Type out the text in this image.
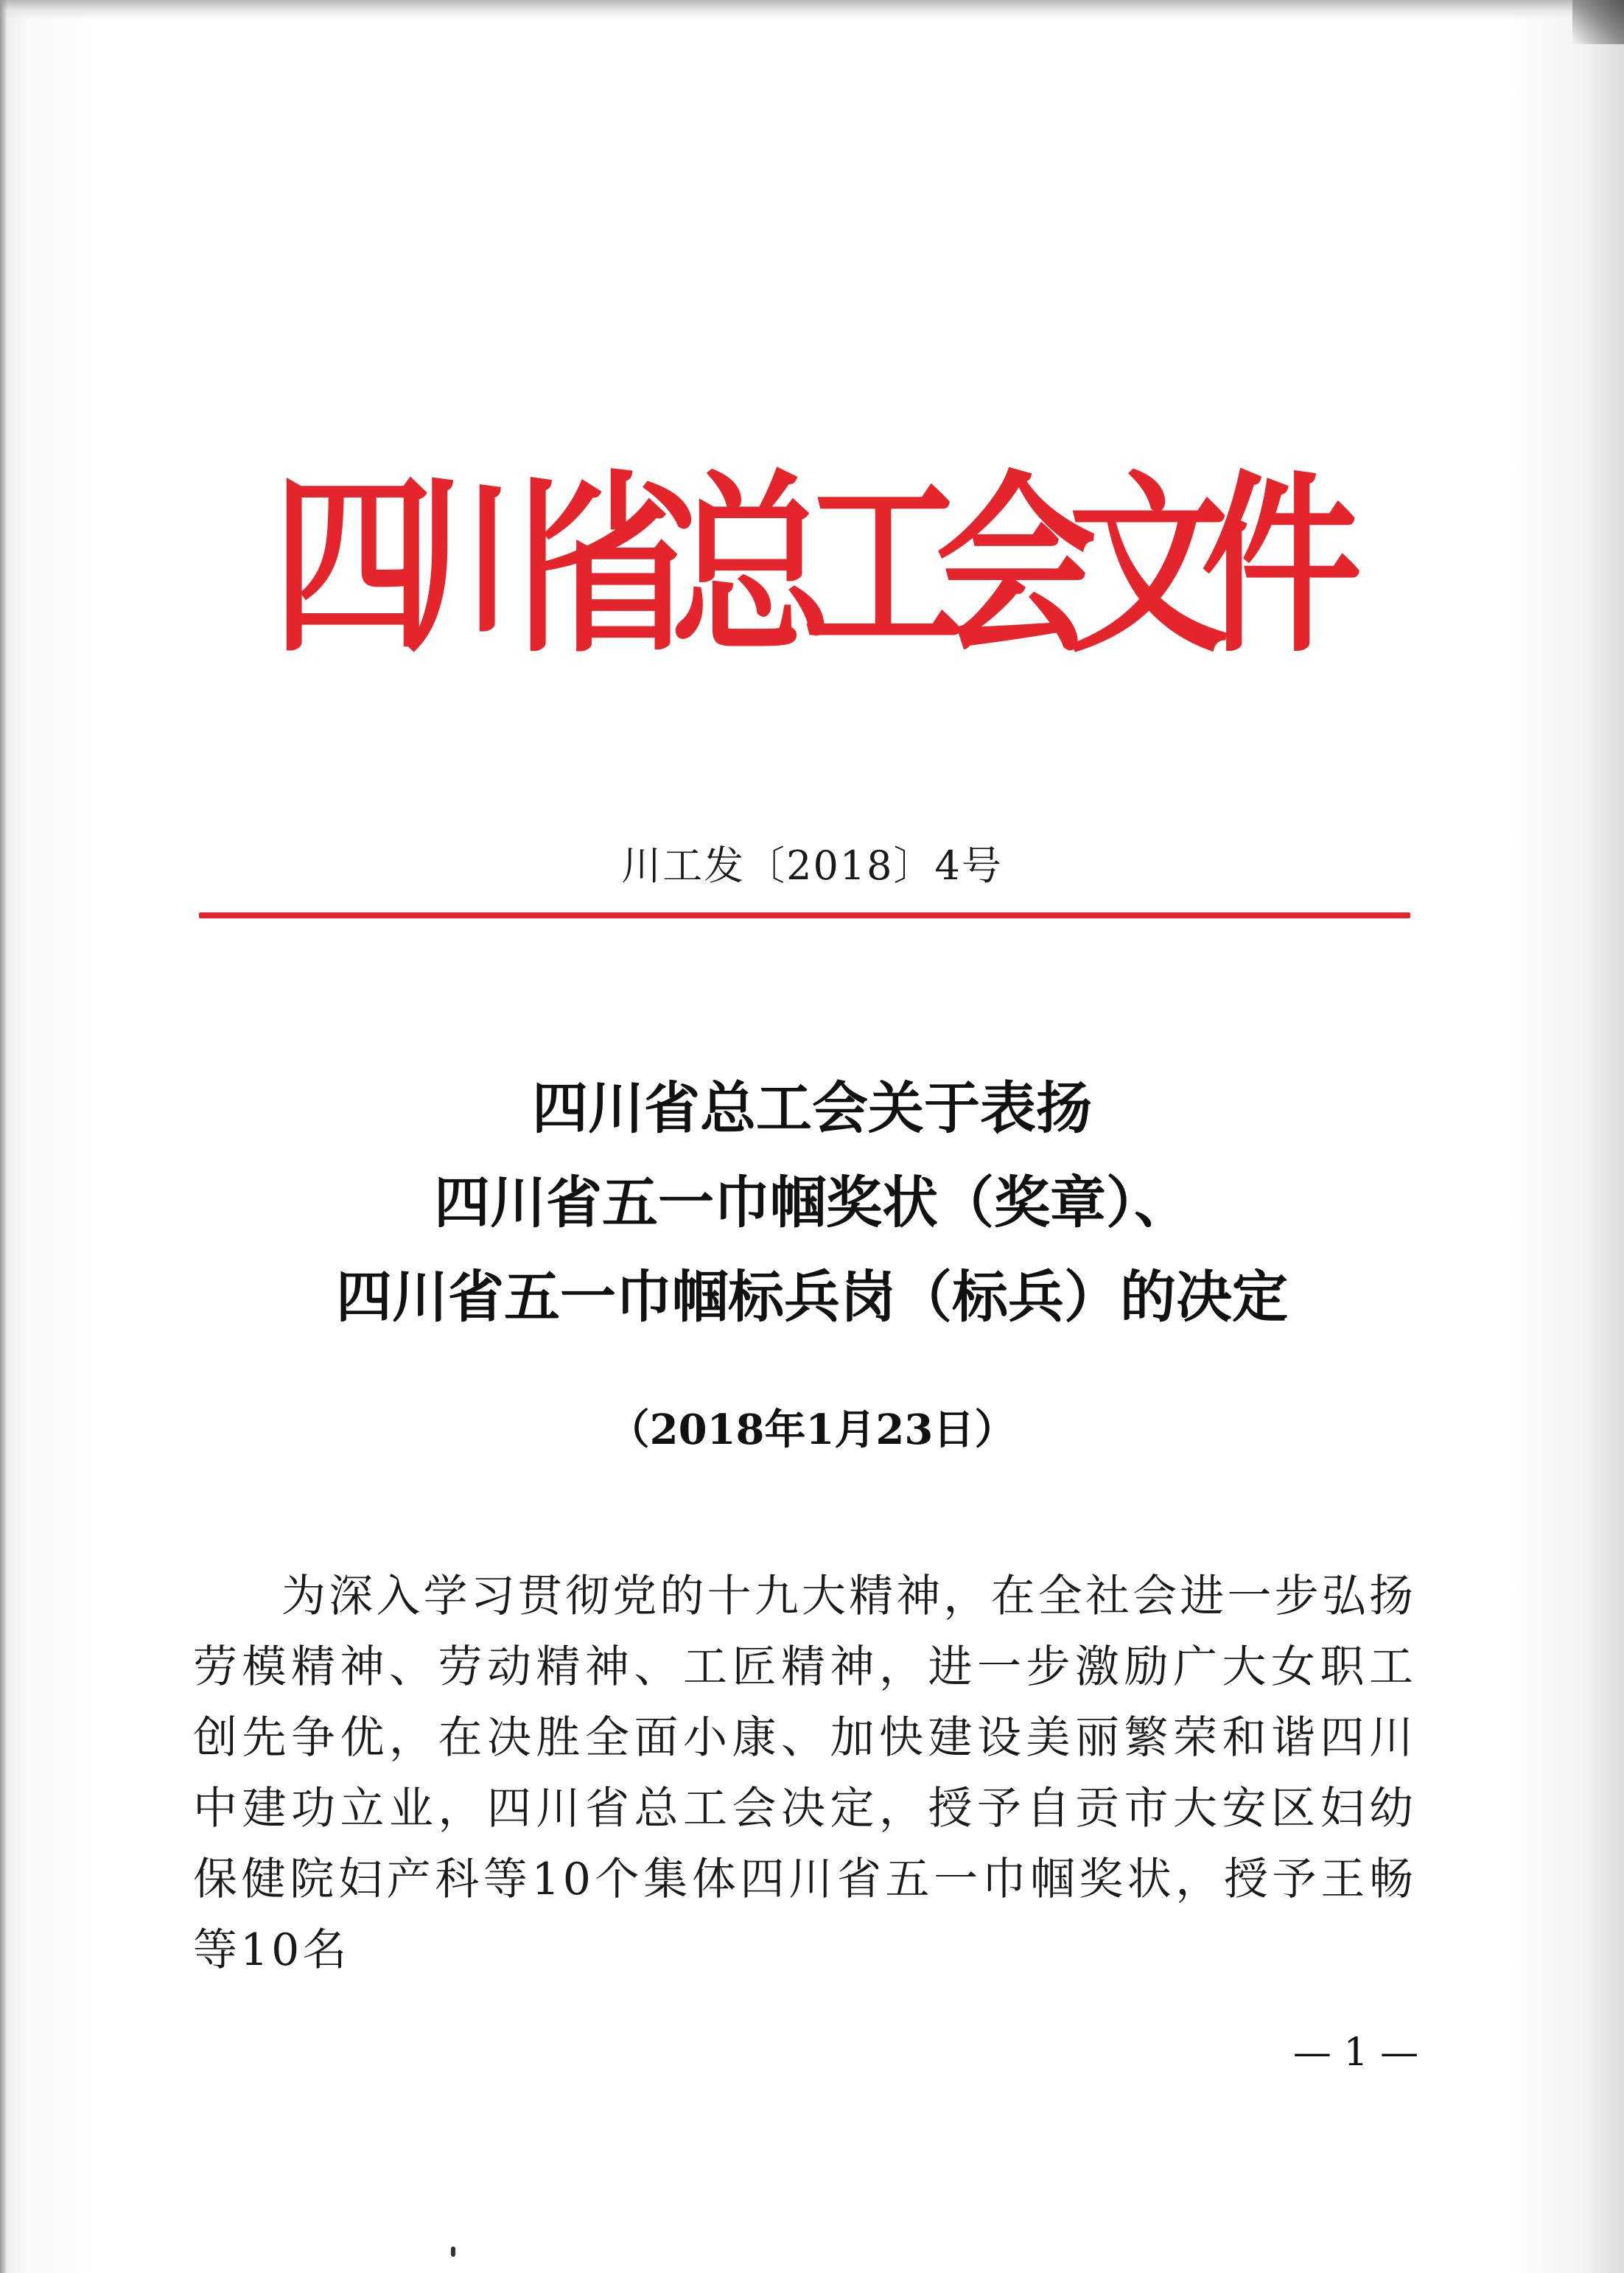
四
川
省
总
工
会
文
件
川工发〔2018〕4号
四川省总工会关于表扬
四川省五一巾帼奖状（奖章）、
四川省五一巾帼标兵岗（标兵）的决定
（2018年1月23日）

为深入学习贯彻党的十九大精神，在全社会进一步弘扬劳模精神、劳动精神、工匠精神，进一步激励广大女职工创先争优，在决胜全面小康、加快建设美丽繁荣和谐四川中建功立业，四川省总工会决定，授予自贡市大安区妇幼保健院妇产科等10个集体四川省五一巾帼奖状，授予王畅等10名

— 1 —
